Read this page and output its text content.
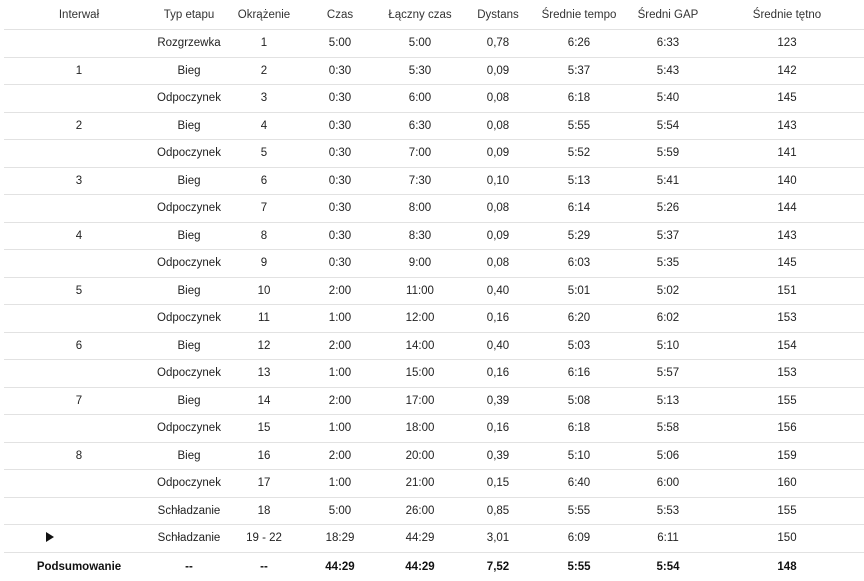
Interwał	Typ etapu	Okrążenie	Czas	Łączny czas	Dystans	Średnie tempo	Średni GAP	Średnie tętno
	Rozgrzewka	1	5:00	5:00	0,78	6:26	6:33	123
1	Bieg	2	0:30	5:30	0,09	5:37	5:43	142
	Odpoczynek	3	0:30	6:00	0,08	6:18	5:40	145
2	Bieg	4	0:30	6:30	0,08	5:55	5:54	143
	Odpoczynek	5	0:30	7:00	0,09	5:52	5:59	141
3	Bieg	6	0:30	7:30	0,10	5:13	5:41	140
	Odpoczynek	7	0:30	8:00	0,08	6:14	5:26	144
4	Bieg	8	0:30	8:30	0,09	5:29	5:37	143
	Odpoczynek	9	0:30	9:00	0,08	6:03	5:35	145
5	Bieg	10	2:00	11:00	0,40	5:01	5:02	151
	Odpoczynek	11	1:00	12:00	0,16	6:20	6:02	153
6	Bieg	12	2:00	14:00	0,40	5:03	5:10	154
	Odpoczynek	13	1:00	15:00	0,16	6:16	5:57	153
7	Bieg	14	2:00	17:00	0,39	5:08	5:13	155
	Odpoczynek	15	1:00	18:00	0,16	6:18	5:58	156
8	Bieg	16	2:00	20:00	0,39	5:10	5:06	159
	Odpoczynek	17	1:00	21:00	0,15	6:40	6:00	160
	Schładzanie	18	5:00	26:00	0,85	5:55	5:53	155
	Schładzanie	19 - 22	18:29	44:29	3,01	6:09	6:11	150
Podsumowanie	--	--	44:29	44:29	7,52	5:55	5:54	148
